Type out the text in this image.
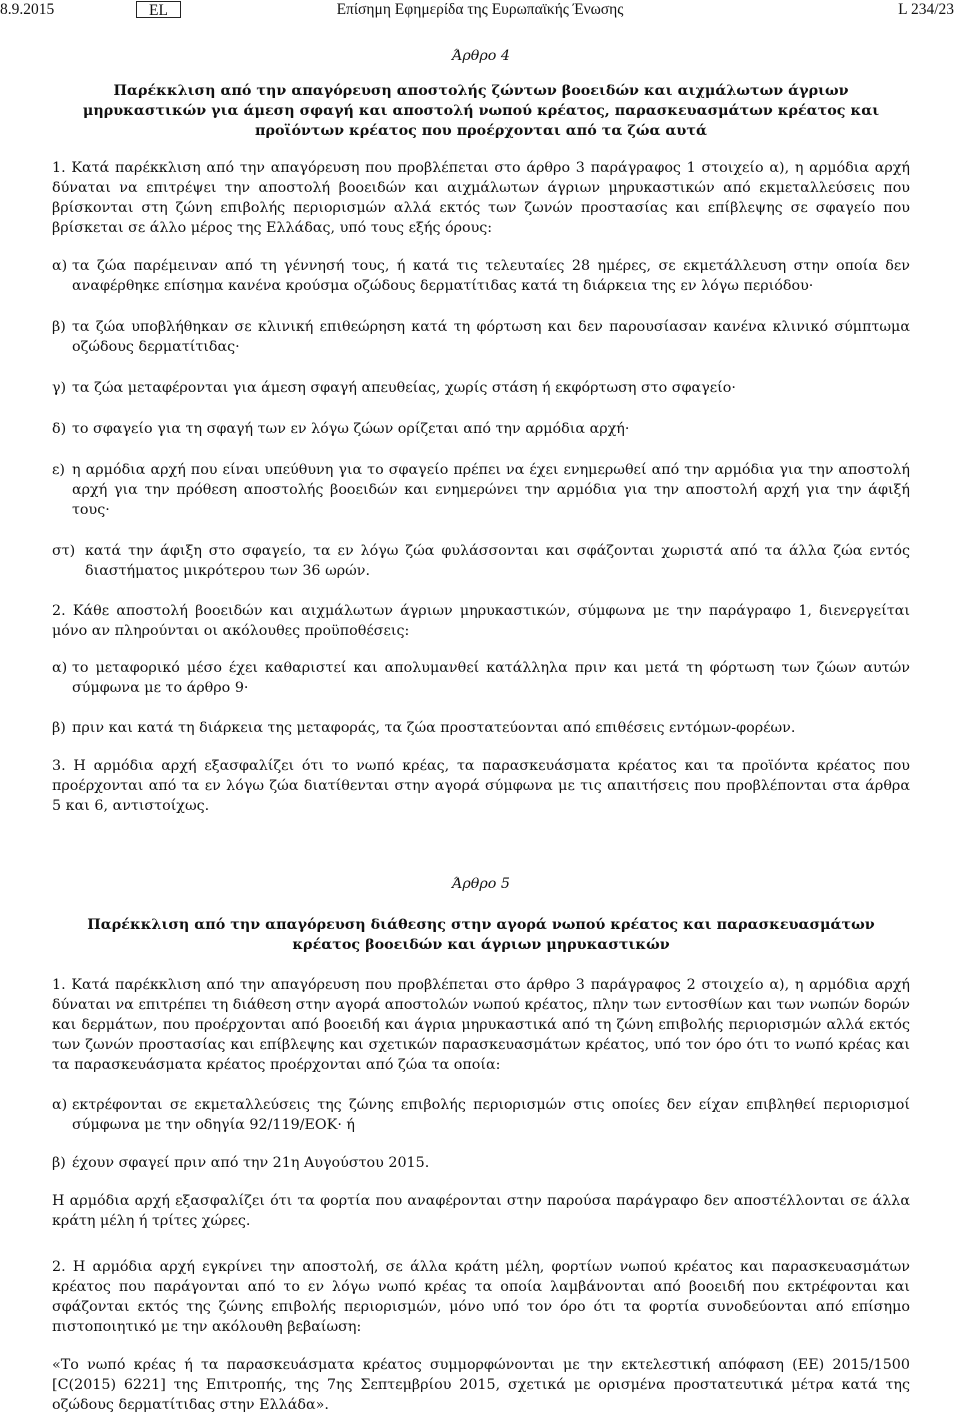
8.9.2015	Επίσημη Εφημερίδα της Ευρωπαϊκής Ένωσης
EL	L 234/23
Άρθρο 4
Παρέκκλιση από την απαγόρευση αποστολής ζώντων βοοειδών και αιχμάλωτων άγριων μηρυκαστικών για άμεση σφαγή και αποστολή νωπού κρέατος, παρασκευασμάτων κρέατος και προϊόντων κρέατος που προέρχονται από τα ζώα αυτά

1. Κατά παρέκκλιση από την απαγόρευση που προβλέπεται στο άρθρο 3 παράγραφος 1 στοιχείο α), η αρμόδια αρχή δύναται να επιτρέψει την αποστολή βοοειδών και αιχμάλωτων άγριων μηρυκαστικών από εκμεταλλεύσεις που βρίσκονται στη ζώνη επιβολής περιορισμών αλλά εκτός των ζωνών προστασίας και επίβλεψης σε σφαγείο που βρίσκεται σε άλλο μέρος της Ελλάδας, υπό τους εξής όρους:

α) τα ζώα παρέμειναν από τη γέννησή τους, ή κατά τις τελευταίες 28 ημέρες, σε εκμετάλλευση στην οποία δεν αναφέρθηκε επίσημα κανένα κρούσμα οζώδους δερματίτιδας κατά τη διάρκεια της εν λόγω περιόδου·
β) τα ζώα υποβλήθηκαν σε κλινική επιθεώρηση κατά τη φόρτωση και δεν παρουσίασαν κανένα κλινικό σύμπτωμα οζώδους δερματίτιδας·
γ) τα ζώα μεταφέρονται για άμεση σφαγή απευθείας, χωρίς στάση ή εκφόρτωση στο σφαγείο·
δ) το σφαγείο για τη σφαγή των εν λόγω ζώων ορίζεται από την αρμόδια αρχή·
ε) η αρμόδια αρχή που είναι υπεύθυνη για το σφαγείο πρέπει να έχει ενημερωθεί από την αρμόδια για την αποστολή αρχή για την πρόθεση αποστολής βοοειδών και ενημερώνει την αρμόδια για την αποστολή αρχή για την άφιξή τους·
στ) κατά την άφιξη στο σφαγείο, τα εν λόγω ζώα φυλάσσονται και σφάζονται χωριστά από τα άλλα ζώα εντός διαστήματος μικρότερου των 36 ωρών.

2. Κάθε αποστολή βοοειδών και αιχμάλωτων άγριων μηρυκαστικών, σύμφωνα με την παράγραφο 1, διενεργείται μόνο αν πληρούνται οι ακόλουθες προϋποθέσεις:

α) το μεταφορικό μέσο έχει καθαριστεί και απολυμανθεί κατάλληλα πριν και μετά τη φόρτωση των ζώων αυτών σύμφωνα με το άρθρο 9·
β) πριν και κατά τη διάρκεια της μεταφοράς, τα ζώα προστατεύονται από επιθέσεις εντόμων-φορέων.

3. Η αρμόδια αρχή εξασφαλίζει ότι το νωπό κρέας, τα παρασκευάσματα κρέατος και τα προϊόντα κρέατος που προέρχονται από τα εν λόγω ζώα διατίθενται στην αγορά σύμφωνα με τις απαιτήσεις που προβλέπονται στα άρθρα 5 και 6, αντιστοίχως.

Άρθρο 5
Παρέκκλιση από την απαγόρευση διάθεσης στην αγορά νωπού κρέατος και παρασκευασμάτων κρέατος βοοειδών και άγριων μηρυκαστικών

1. Κατά παρέκκλιση από την απαγόρευση που προβλέπεται στο άρθρο 3 παράγραφος 2 στοιχείο α), η αρμόδια αρχή δύναται να επιτρέπει τη διάθεση στην αγορά αποστολών νωπού κρέατος, πλην των εντοσθίων και των νωπών δορών και δερμάτων, που προέρχονται από βοοειδή και άγρια μηρυκαστικά από τη ζώνη επιβολής περιορισμών αλλά εκτός των ζωνών προστασίας και επίβλεψης και σχετικών παρασκευασμάτων κρέατος, υπό τον όρο ότι το νωπό κρέας και τα παρασκευάσματα κρέατος προέρχονται από ζώα τα οποία:

α) εκτρέφονται σε εκμεταλλεύσεις της ζώνης επιβολής περιορισμών στις οποίες δεν είχαν επιβληθεί περιορισμοί σύμφωνα με την οδηγία 92/119/ΕΟΚ· ή
β) έχουν σφαγεί πριν από την 21η Αυγούστου 2015.

Η αρμόδια αρχή εξασφαλίζει ότι τα φορτία που αναφέρονται στην παρούσα παράγραφο δεν αποστέλλονται σε άλλα κράτη μέλη ή τρίτες χώρες.

2. Η αρμόδια αρχή εγκρίνει την αποστολή, σε άλλα κράτη μέλη, φορτίων νωπού κρέατος και παρασκευασμάτων κρέατος που παράγονται από το εν λόγω νωπό κρέας τα οποία λαμβάνονται από βοοειδή που εκτρέφονται και σφάζονται εκτός της ζώνης επιβολής περιορισμών, μόνο υπό τον όρο ότι τα φορτία συνοδεύονται από επίσημο πιστοποιητικό με την ακόλουθη βεβαίωση:

«Το νωπό κρέας ή τα παρασκευάσματα κρέατος συμμορφώνονται με την εκτελεστική απόφαση (ΕΕ) 2015/1500 [C(2015) 6221] της Επιτροπής, της 7ης Σεπτεμβρίου 2015, σχετικά με ορισμένα προστατευτικά μέτρα κατά της οζώδους δερματίτιδας στην Ελλάδα».
